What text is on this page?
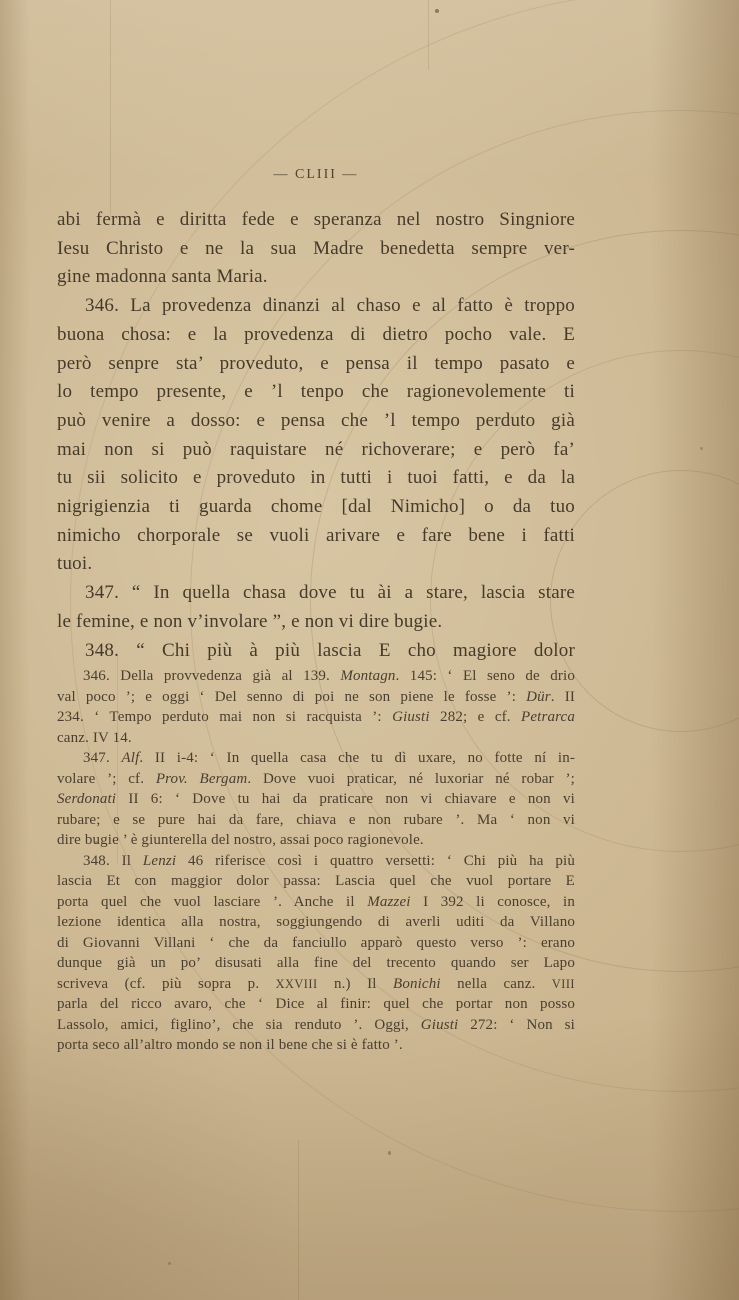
— CLIII —
abi fermà e diritta fede e speranza nel nostro Singniore
Iesu Christo e ne la sua Madre benedetta sempre ver-
gine madonna santa Maria.
346. La provedenza dinanzi al chaso e al fatto è troppo
buona chosa: e la provedenza di dietro pocho vale. E
però senpre sta’ proveduto, e pensa il tempo pasato e
lo tempo presente, e ’l tenpo che ragionevolemente ti
può venire a dosso: e pensa che ’l tempo perduto già
mai non si può raquistare né richoverare; e però fa’
tu sii solicito e proveduto in tutti i tuoi fatti, e da la
nigrigienzia ti guarda chome [dal Nimicho] o da tuo
nimicho chorporale se vuoli arivare e fare bene i fatti
tuoi.
347. “ In quella chasa dove tu ài a stare, lascia stare
le femine, e non v’involare ”, e non vi dire bugie.
348. “ Chi più à più lascia E cho magiore dolor
346. Della provvedenza già al 139. Montagn. 145: ‘ El seno de drio
val poco ’; e oggi ‘ Del senno di poi ne son piene le fosse ’: Dür. II
234. ‘ Tempo perduto mai non si racquista ’: Giusti 282; e cf. Petrarca
canz. IV 14.
347. Alf. II i-4: ‘ In quella casa che tu dì uxare, no fotte ní in-
volare ’; cf. Prov. Bergam. Dove vuoi praticar, né luxoriar né robar ’;
Serdonati II 6: ‘ Dove tu hai da praticare non vi chiavare e non vi
rubare; e se pure hai da fare, chiava e non rubare ’. Ma ‘ non vi
dire bugie ’ è giunterella del nostro, assai poco ragionevole.
348. Il Lenzi 46 riferisce così i quattro versetti: ‘ Chi più ha più
lascia Et con maggior dolor passa: Lascia quel che vuol portare E
porta quel che vuol lasciare ’. Anche il Mazzei I 392 li conosce, in
lezione identica alla nostra, soggiungendo di averli uditi da Villano
di Giovanni Villani ‘ che da fanciullo apparò questo verso ’: erano
dunque già un po’ disusati alla fine del trecento quando ser Lapo
scriveva (cf. più sopra p. XXVIII n.) Il Bonichi nella canz. VIII
parla del ricco avaro, che ‘ Dice al finir: quel che portar non posso
Lassolo, amici, figlino’, che sia renduto ’. Oggi, Giusti 272: ‘ Non si
porta seco all’altro mondo se non il bene che si è fatto ’.
